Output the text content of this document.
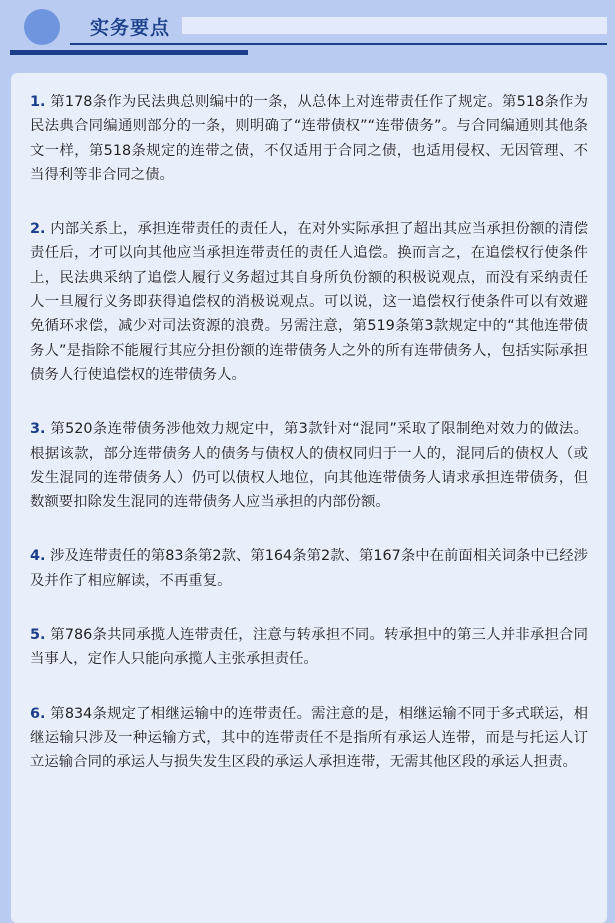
实务要点

1. 第178条作为民法典总则编中的一条，从总体上对连带责任作了规定。第518条作为民法典合同编通则部分的一条，则明确了“连带债权”“连带债务”。与合同编通则其他条文一样，第518条规定的连带之债，不仅适用于合同之债，也适用侵权、无因管理、不当得利等非合同之债。

2. 内部关系上，承担连带责任的责任人，在对外实际承担了超出其应当承担份额的清偿责任后，才可以向其他应当承担连带责任的责任人追偿。换而言之，在追偿权行使条件上，民法典采纳了追偿人履行义务超过其自身所负份额的积极说观点，而没有采纳责任人一旦履行义务即获得追偿权的消极说观点。可以说，这一追偿权行使条件可以有效避免循环求偿，减少对司法资源的浪费。另需注意，第519条第3款规定中的“其他连带债务人”是指除不能履行其应分担份额的连带债务人之外的所有连带债务人，包括实际承担债务人行使追偿权的连带债务人。

3. 第520条连带债务涉他效力规定中，第3款针对“混同”采取了限制绝对效力的做法。根据该款，部分连带债务人的债务与债权人的债权同归于一人的，混同后的债权人（或发生混同的连带债务人）仍可以债权人地位，向其他连带债务人请求承担连带债务，但数额要扣除发生混同的连带债务人应当承担的内部份额。

4. 涉及连带责任的第83条第2款、第164条第2款、第167条中在前面相关词条中已经涉及并作了相应解读，不再重复。

5. 第786条共同承揽人连带责任，注意与转承担不同。转承担中的第三人并非承担合同当事人，定作人只能向承揽人主张承担责任。

6. 第834条规定了相继运输中的连带责任。需注意的是，相继运输不同于多式联运，相继运输只涉及一种运输方式，其中的连带责任不是指所有承运人连带，而是与托运人订立运输合同的承运人与损失发生区段的承运人承担连带，无需其他区段的承运人担责。
